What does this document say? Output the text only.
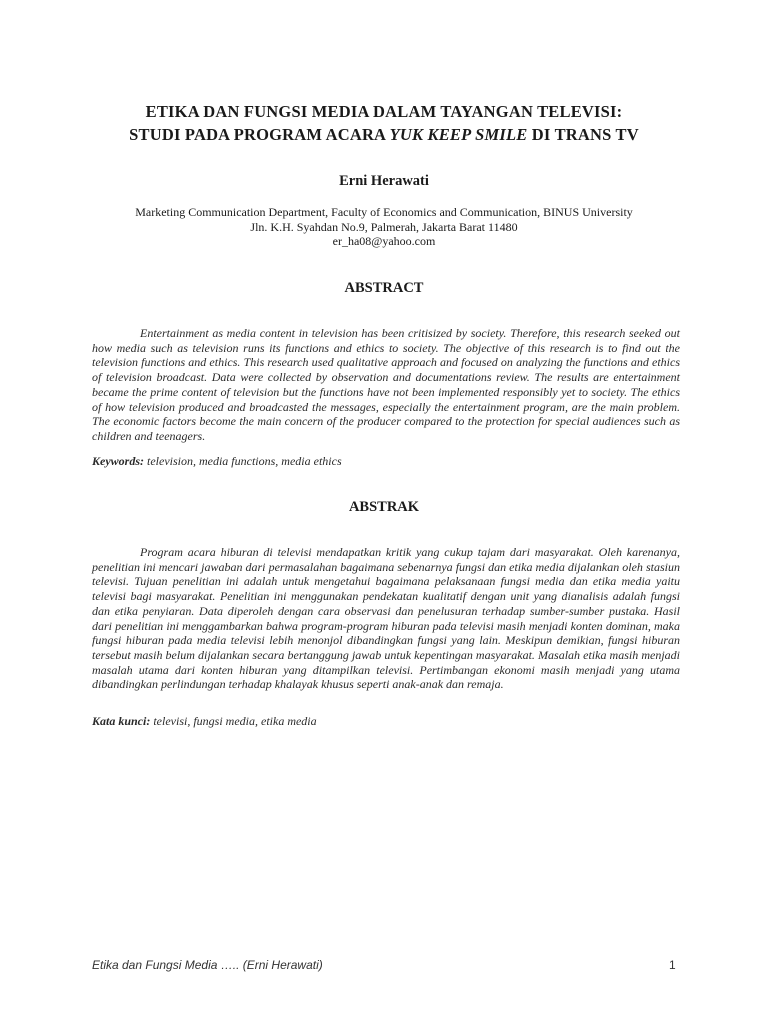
ETIKA DAN FUNGSI MEDIA DALAM TAYANGAN TELEVISI:
STUDI PADA PROGRAM ACARA YUK KEEP SMILE DI TRANS TV
Erni Herawati
Marketing Communication Department, Faculty of Economics and Communication, BINUS University
Jln. K.H. Syahdan No.9, Palmerah, Jakarta Barat 11480
er_ha08@yahoo.com
ABSTRACT

Entertainment as media content in television has been critisized by society. Therefore, this research seeked out how media such as television runs its functions and ethics to society. The objective of this research is to find out the television functions and ethics. This research used qualitative approach and focused on analyzing the functions and ethics of television broadcast. Data were collected by observation and documentations review. The results are entertainment became the prime content of television but the functions have not been implemented responsibly yet to society. The ethics of how television produced and broadcasted the messages, especially the entertainment program, are the main problem. The economic factors become the main concern of the producer compared to the protection for special audiences such as children and teenagers.

Keywords: television, media functions, media ethics
ABSTRAK

Program acara hiburan di televisi mendapatkan kritik yang cukup tajam dari masyarakat. Oleh karenanya, penelitian ini mencari jawaban dari permasalahan bagaimana sebenarnya fungsi dan etika media dijalankan oleh stasiun televisi. Tujuan penelitian ini adalah untuk mengetahui bagaimana pelaksanaan fungsi media dan etika media yaitu televisi bagi masyarakat. Penelitian ini menggunakan pendekatan kualitatif dengan unit yang dianalisis adalah fungsi dan etika penyiaran. Data diperoleh dengan cara observasi dan penelusuran terhadap sumber-sumber pustaka. Hasil dari penelitian ini menggambarkan bahwa program-program hiburan pada televisi masih menjadi konten dominan, maka fungsi hiburan pada media televisi lebih menonjol dibandingkan fungsi yang lain. Meskipun demikian, fungsi hiburan tersebut masih belum dijalankan secara bertanggung jawab untuk kepentingan masyarakat. Masalah etika masih menjadi masalah utama dari konten hiburan yang ditampilkan televisi. Pertimbangan ekonomi masih menjadi yang utama dibandingkan perlindungan terhadap khalayak khusus seperti anak-anak dan remaja.

Kata kunci: televisi, fungsi media, etika media
Etika dan Fungsi Media ….. (Erni Herawati)	1
